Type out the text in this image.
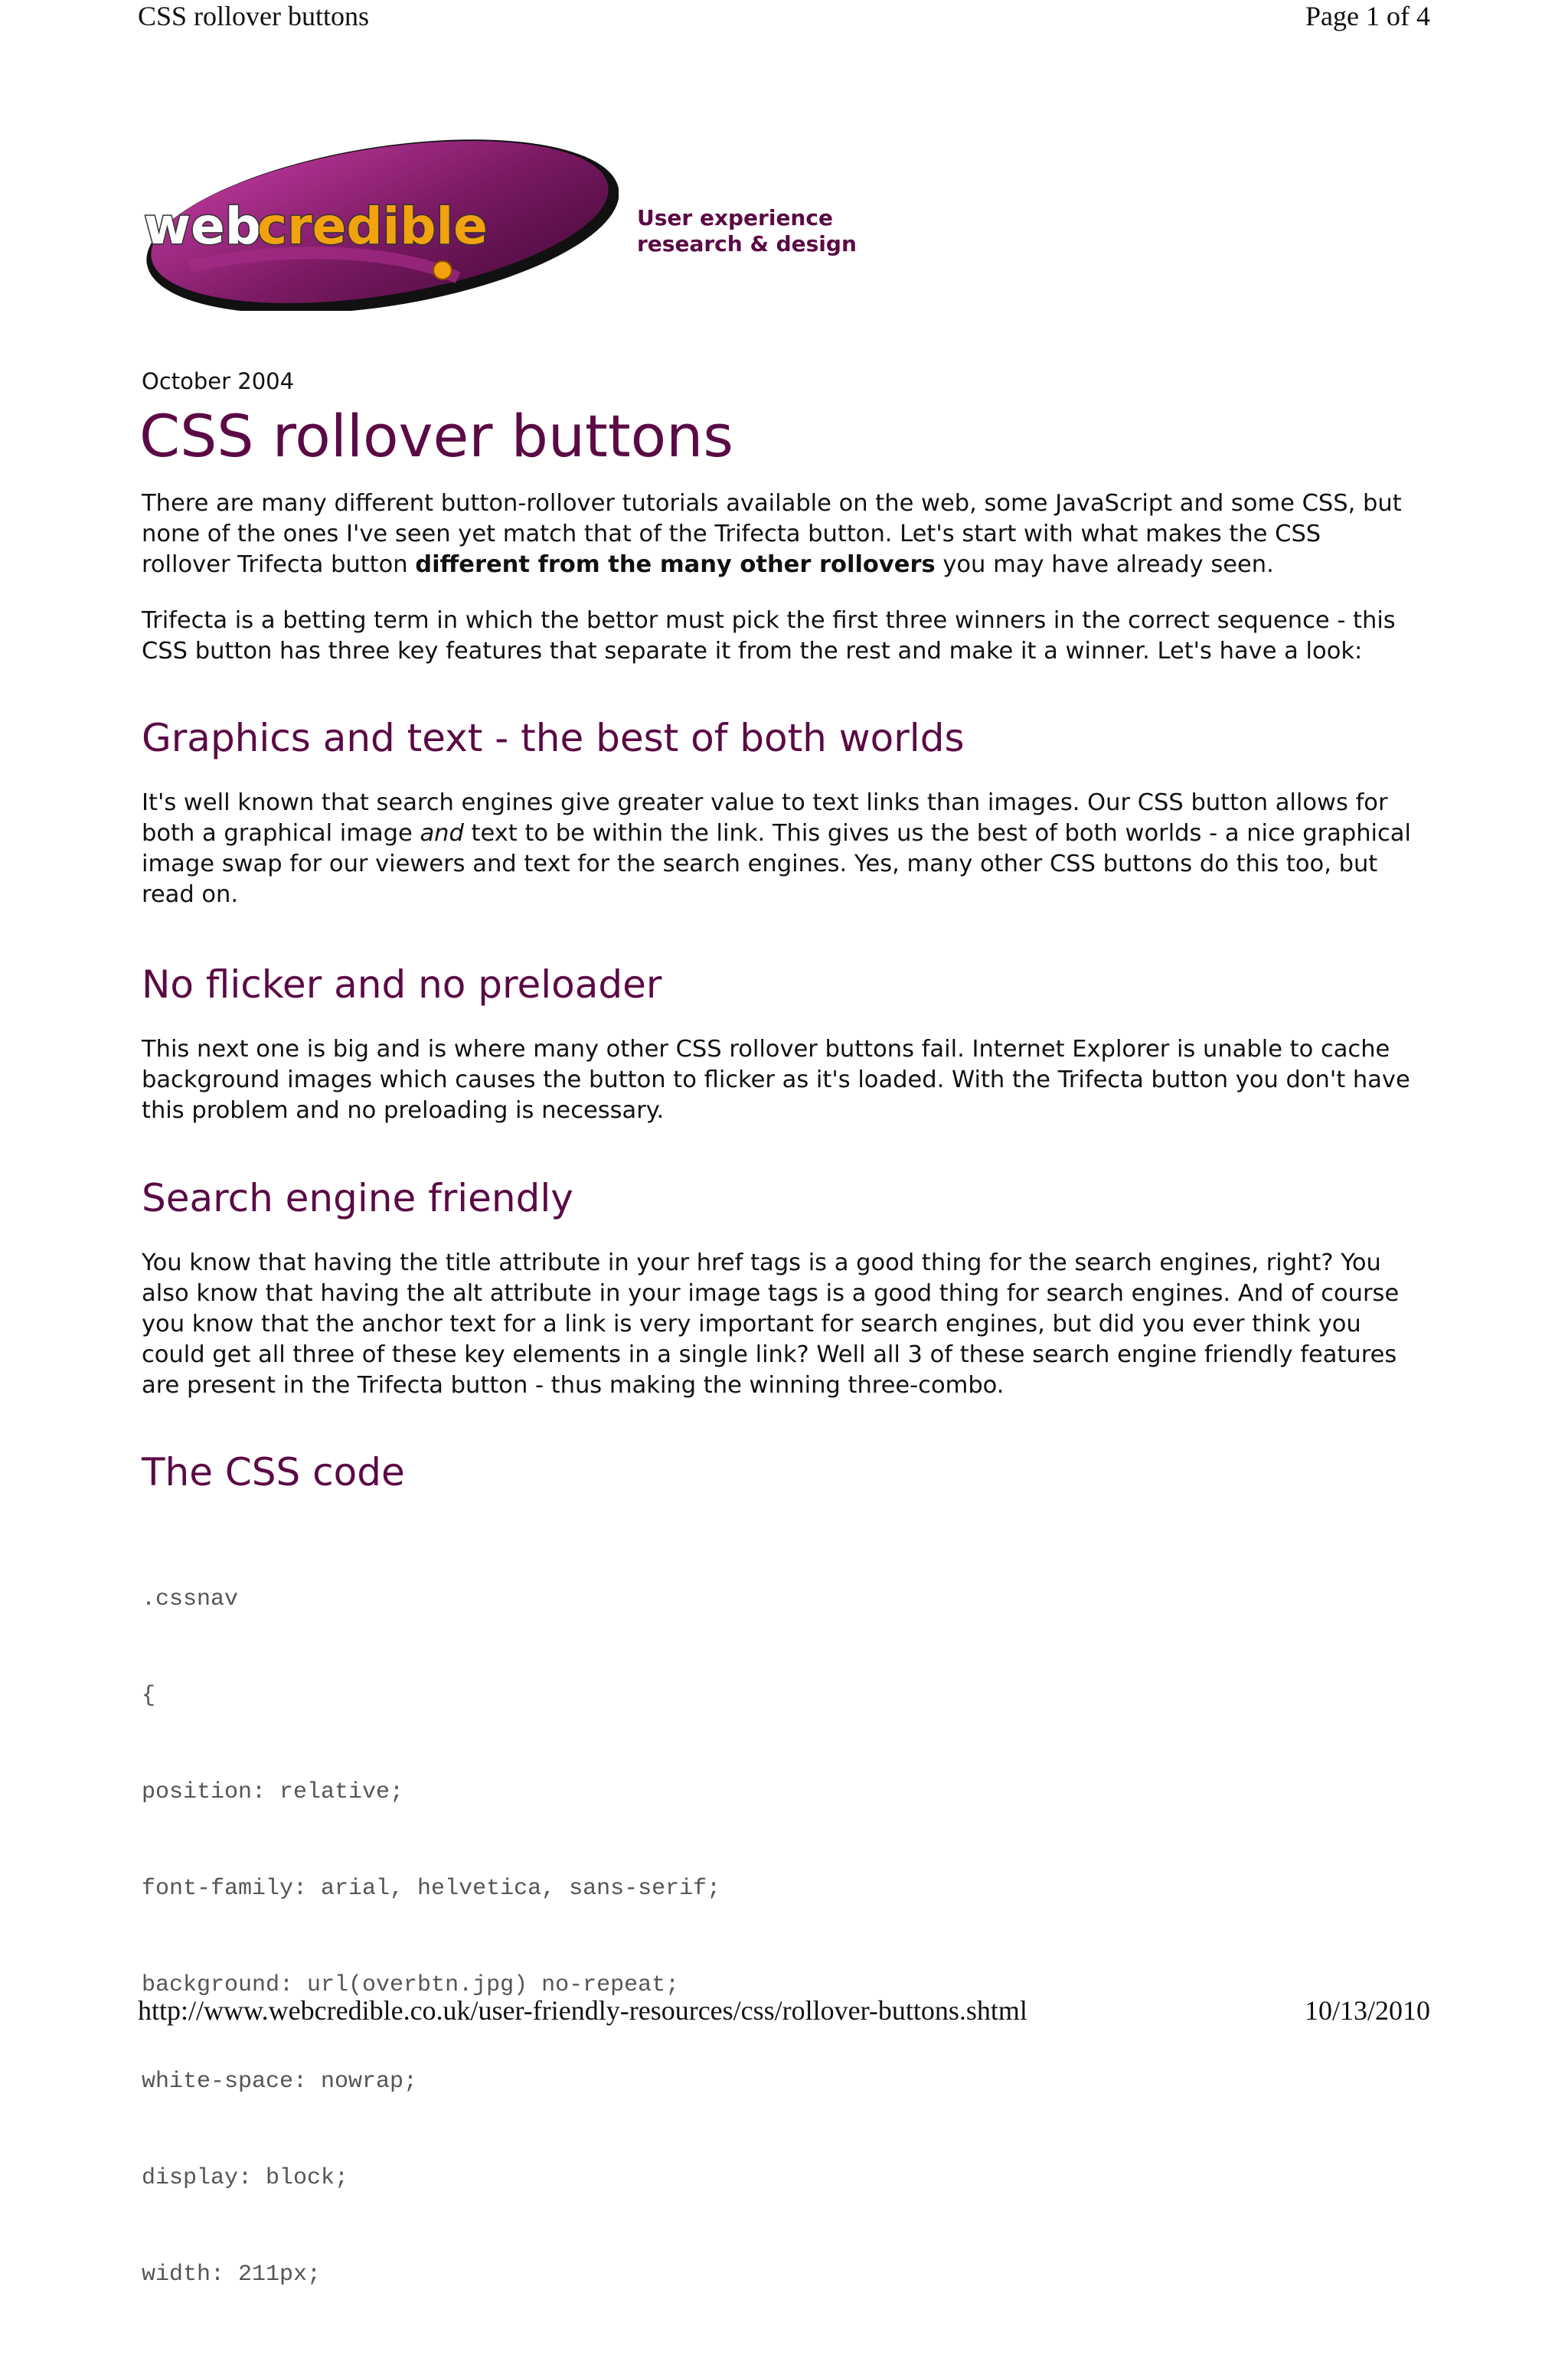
CSS rollover buttons	Page 1 of 4
web
credible	User experience
research & design

October 2004

CSS rollover buttons

There are many different button-rollover tutorials available on the web, some JavaScript and some CSS, but none of the ones I've seen yet match that of the Trifecta button. Let's start with what makes the CSS rollover Trifecta button different from the many other rollovers you may have already seen.

Trifecta is a betting term in which the bettor must pick the first three winners in the correct sequence - this CSS button has three key features that separate it from the rest and make it a winner. Let's have a look:

Graphics and text - the best of both worlds

It's well known that search engines give greater value to text links than images. Our CSS button allows for both a graphical image and text to be within the link. This gives us the best of both worlds - a nice graphical image swap for our viewers and text for the search engines. Yes, many other CSS buttons do this too, but read on.

No flicker and no preloader

This next one is big and is where many other CSS rollover buttons fail. Internet Explorer is unable to cache background images which causes the button to flicker as it's loaded. With the Trifecta button you don't have this problem and no preloading is necessary.

Search engine friendly

You know that having the title attribute in your href tags is a good thing for the search engines, right? You also know that having the alt attribute in your image tags is a good thing for search engines. And of course you know that the anchor text for a link is very important for search engines, but did you ever think you could get all three of these key elements in a single link? Well all 3 of these search engine friendly features are present in the Trifecta button - thus making the winning three-combo.

The CSS code

.cssnav

{

position: relative;

font-family: arial, helvetica, sans-serif;

background: url(overbtn.jpg) no-repeat;

white-space: nowrap;

display: block;

width: 211px;

http://www.webcredible.co.uk/user-friendly-resources/css/rollover-buttons.shtml	10/13/2010
